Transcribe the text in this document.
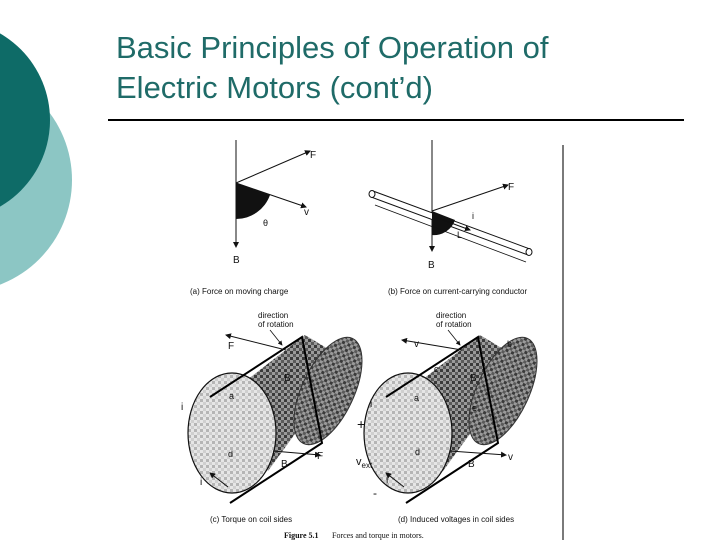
Basic Principles of Operation of
Electric Motors (cont’d)
F
v
θ
B
(a) Force on moving charge
F
i
L
B
(b) Force on current-carrying conductor
direction
of rotation
F
B
i
a
d
B
F
i
(c) Torque on coil sides
direction
of rotation
v	b
c
B
e
i
+
a
d
$v_{ext}$	B
v
i
-
(d) Induced voltages in coil sides
Figure 5.1 Forces and torque in motors.
